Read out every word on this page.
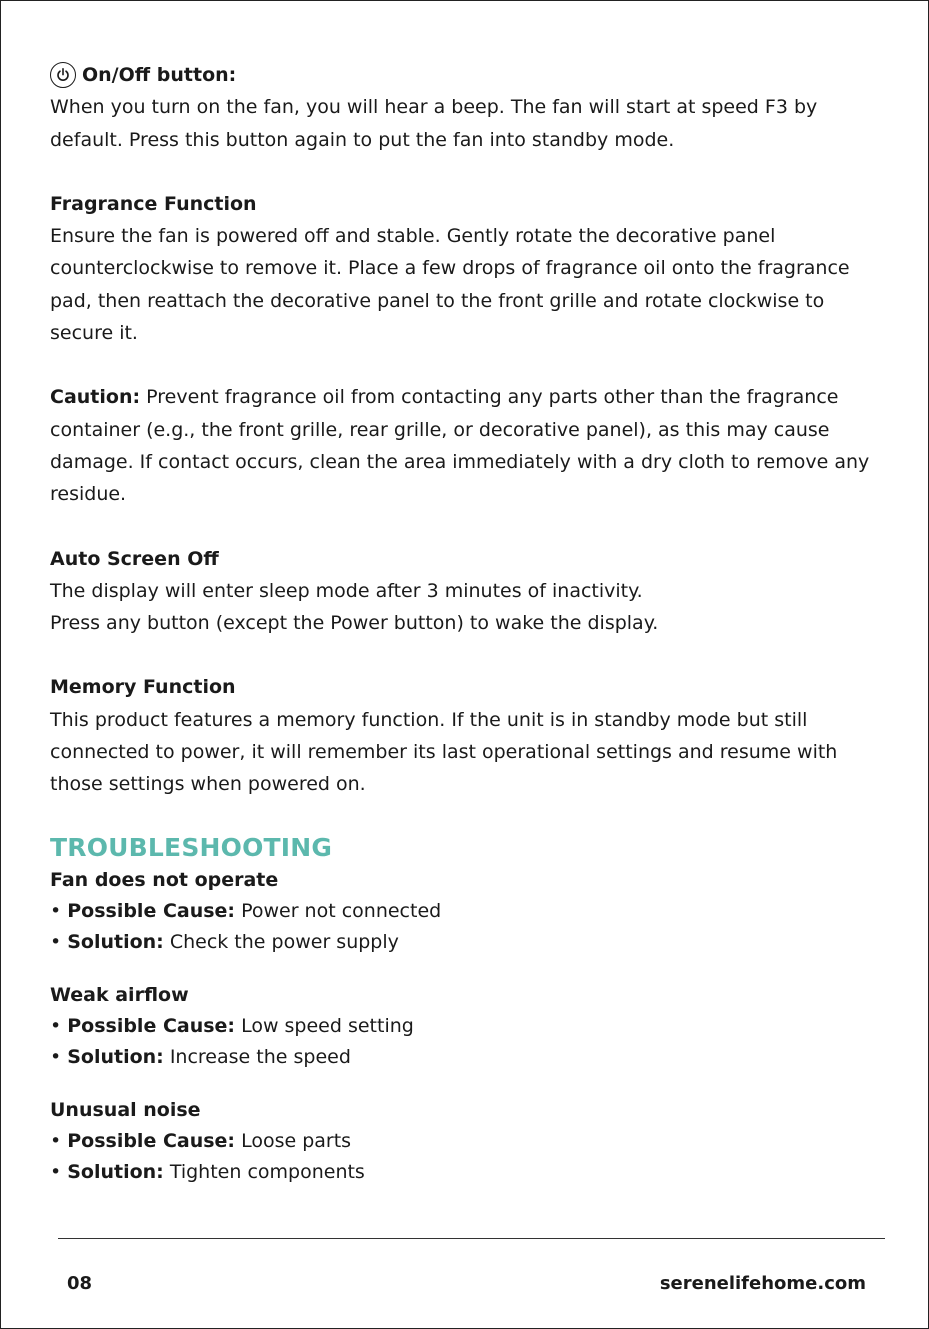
On/Off button:

When you turn on the fan, you will hear a beep. The fan will start at speed F3 by default. Press this button again to put the fan into standby mode.

Fragrance Function

Ensure the fan is powered off and stable. Gently rotate the decorative panel counterclockwise to remove it. Place a few drops of fragrance oil onto the fragrance pad, then reattach the decorative panel to the front grille and rotate clockwise to secure it.

Caution: Prevent fragrance oil from contacting any parts other than the fragrance container (e.g., the front grille, rear grille, or decorative panel), as this may cause damage. If contact occurs, clean the area immediately with a dry cloth to remove any residue.

Auto Screen Off

The display will enter sleep mode after 3 minutes of inactivity.

Press any button (except the Power button) to wake the display.

Memory Function

This product features a memory function. If the unit is in standby mode but still connected to power, it will remember its last operational settings and resume with those settings when powered on.

TROUBLESHOOTING

Fan does not operate

• Possible Cause: Power not connected

• Solution: Check the power supply

Weak airflow

• Possible Cause: Low speed setting

• Solution: Increase the speed

Unusual noise

• Possible Cause: Loose parts

• Solution: Tighten components

08	serenelifehome.com
